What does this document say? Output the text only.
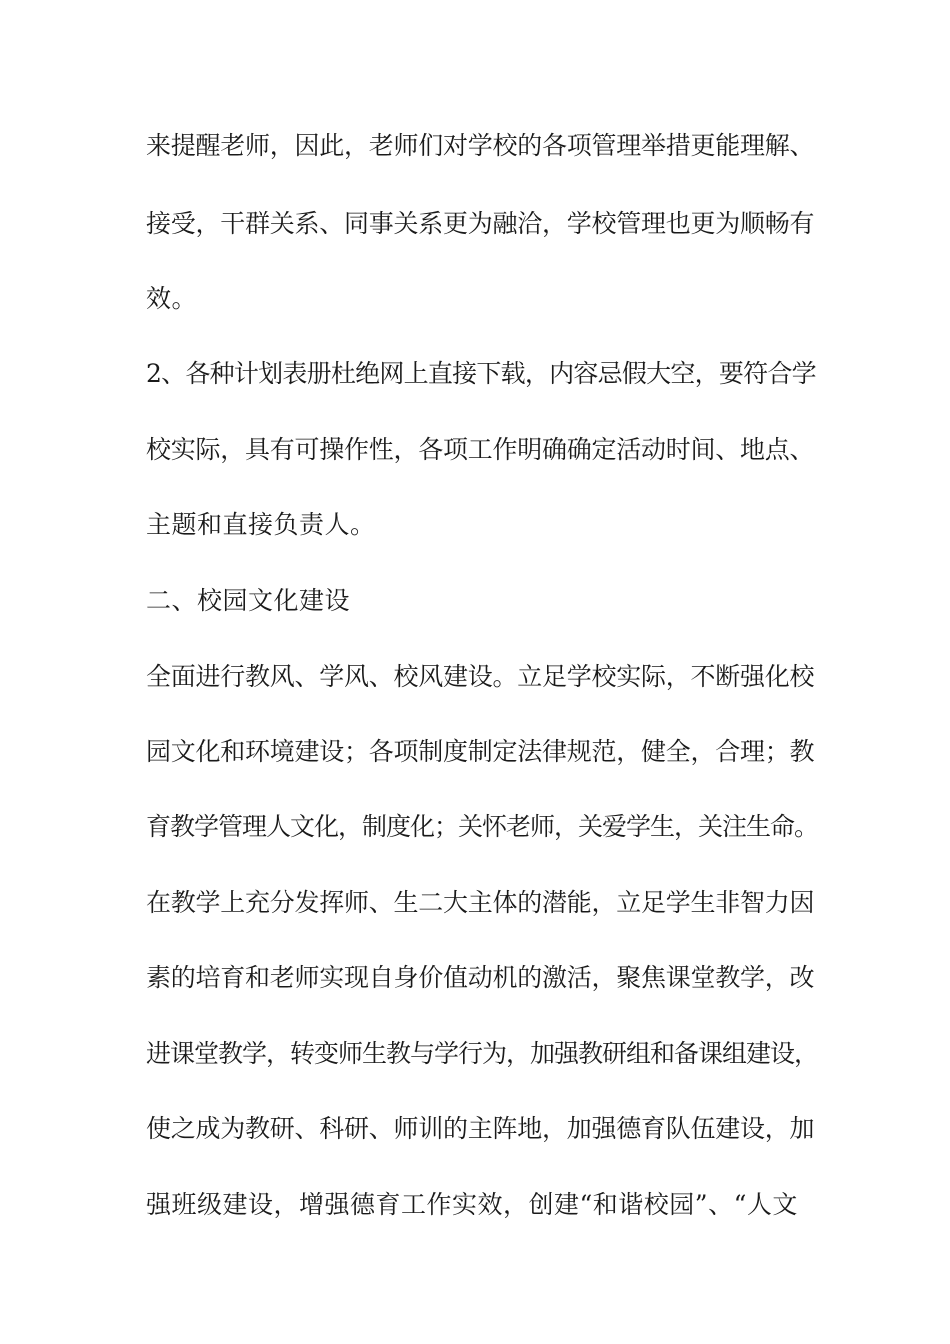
来提醒老师，因此，老师们对学校的各项管理举措更能理解、

接受，干群关系、同事关系更为融洽，学校管理也更为顺畅有

效。

2、各种计划表册杜绝网上直接下载，内容忌假大空，要符合学

校实际，具有可操作性，各项工作明确确定活动时间、地点、

主题和直接负责人。

二、校园文化建设

全面进行教风、学风、校风建设。立足学校实际，不断强化校

园文化和环境建设；各项制度制定法律规范，健全，合理；教

育教学管理人文化，制度化；关怀老师，关爱学生，关注生命。

在教学上充分发挥师、生二大主体的潜能，立足学生非智力因

素的培育和老师实现自身价值动机的激活，聚焦课堂教学，改

进课堂教学，转变师生教与学行为，加强教研组和备课组建设，

使之成为教研、科研、师训的主阵地，加强德育队伍建设，加

强班级建设，增强德育工作实效，创建“和谐校园”、“人文
